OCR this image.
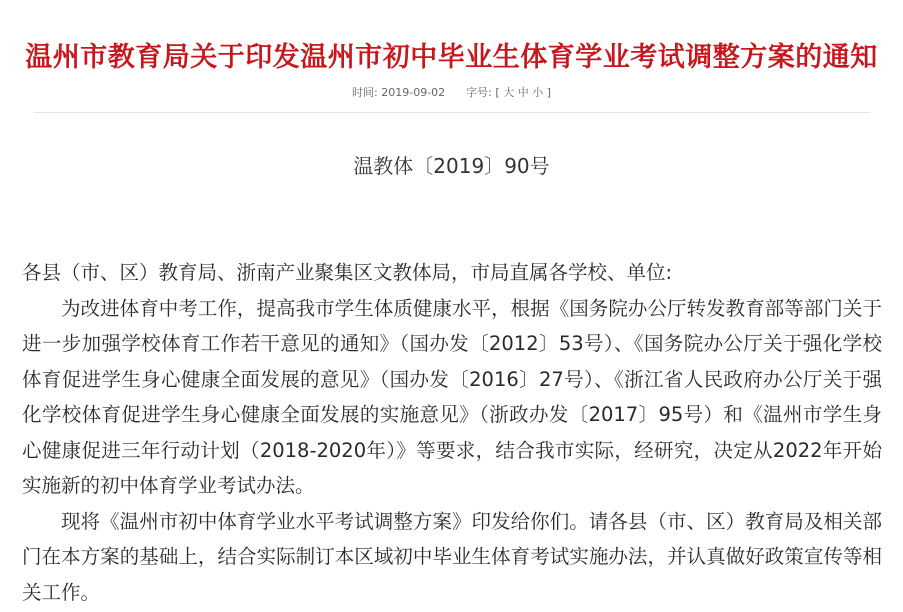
温州市教育局关于印发温州市初中毕业生体育学业考试调整方案的通知
时间: 2019-09-02 字号: [ 大 中 小 ]
温教体〔2019〕90号

各县（市、区）教育局、浙南产业聚集区文教体局，市局直属各学校、单位:

为改进体育中考工作，提高我市学生体质健康水平，根据《国务院办公厅转发教育部等部门关于进一步加强学校体育工作若干意见的通知》（国办发〔2012〕53号）、《国务院办公厅关于强化学校体育促进学生身心健康全面发展的意见》（国办发〔2016〕27号）、《浙江省人民政府办公厅关于强化学校体育促进学生身心健康全面发展的实施意见》（浙政办发〔2017〕95号）和《温州市学生身心健康促进三年行动计划（2018-2020年）》等要求，结合我市实际，经研究，决定从2022年开始实施新的初中体育学业考试办法。

现将《温州市初中体育学业水平考试调整方案》印发给你们。请各县（市、区）教育局及相关部门在本方案的基础上，结合实际制订本区域初中毕业生体育考试实施办法，并认真做好政策宣传等相关工作。
